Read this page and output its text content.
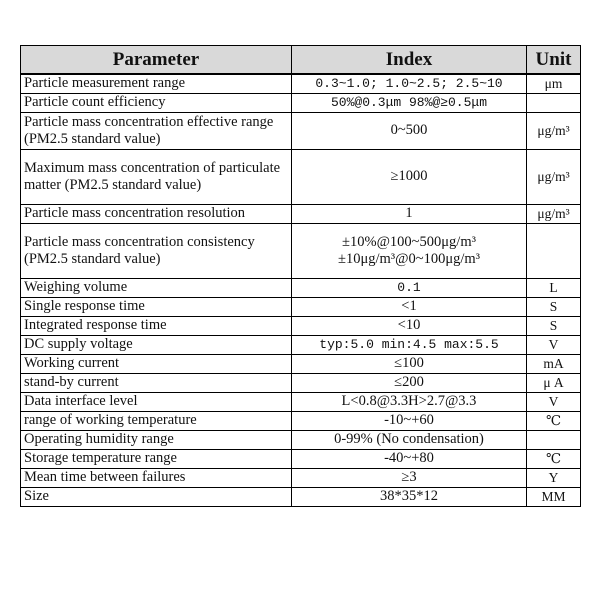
Parameter	Index	Unit
Particle measurement range	0.3~1.0; 1.0~2.5; 2.5~10	μm
Particle count efficiency	50%@0.3μm 98%@≥0.5μm	
Particle mass concentration effective range (PM2.5 standard value)	0~500	μg/m³
Maximum mass concentration of particulate matter (PM2.5 standard value)	≥1000	μg/m³
Particle mass concentration resolution	1	μg/m³
Particle mass concentration consistency (PM2.5 standard value)	±10%@100~500μg/m³
±10μg/m³@0~100μg/m³	

Weighing volume	0.1	L
Single response time	<1	S
Integrated response time	<10	S
DC supply voltage	typ:5.0 min:4.5 max:5.5	V
Working current	≤100	mA
stand-by current	≤200	μ A
Data interface level	L<0.8@3.3H>2.7@3.3	V
range of working temperature	-10~+60	℃
Operating humidity range	0-99% (No condensation)	
Storage temperature range	-40~+80	℃
Mean time between failures	≥3	Y
Size	38*35*12	MM
